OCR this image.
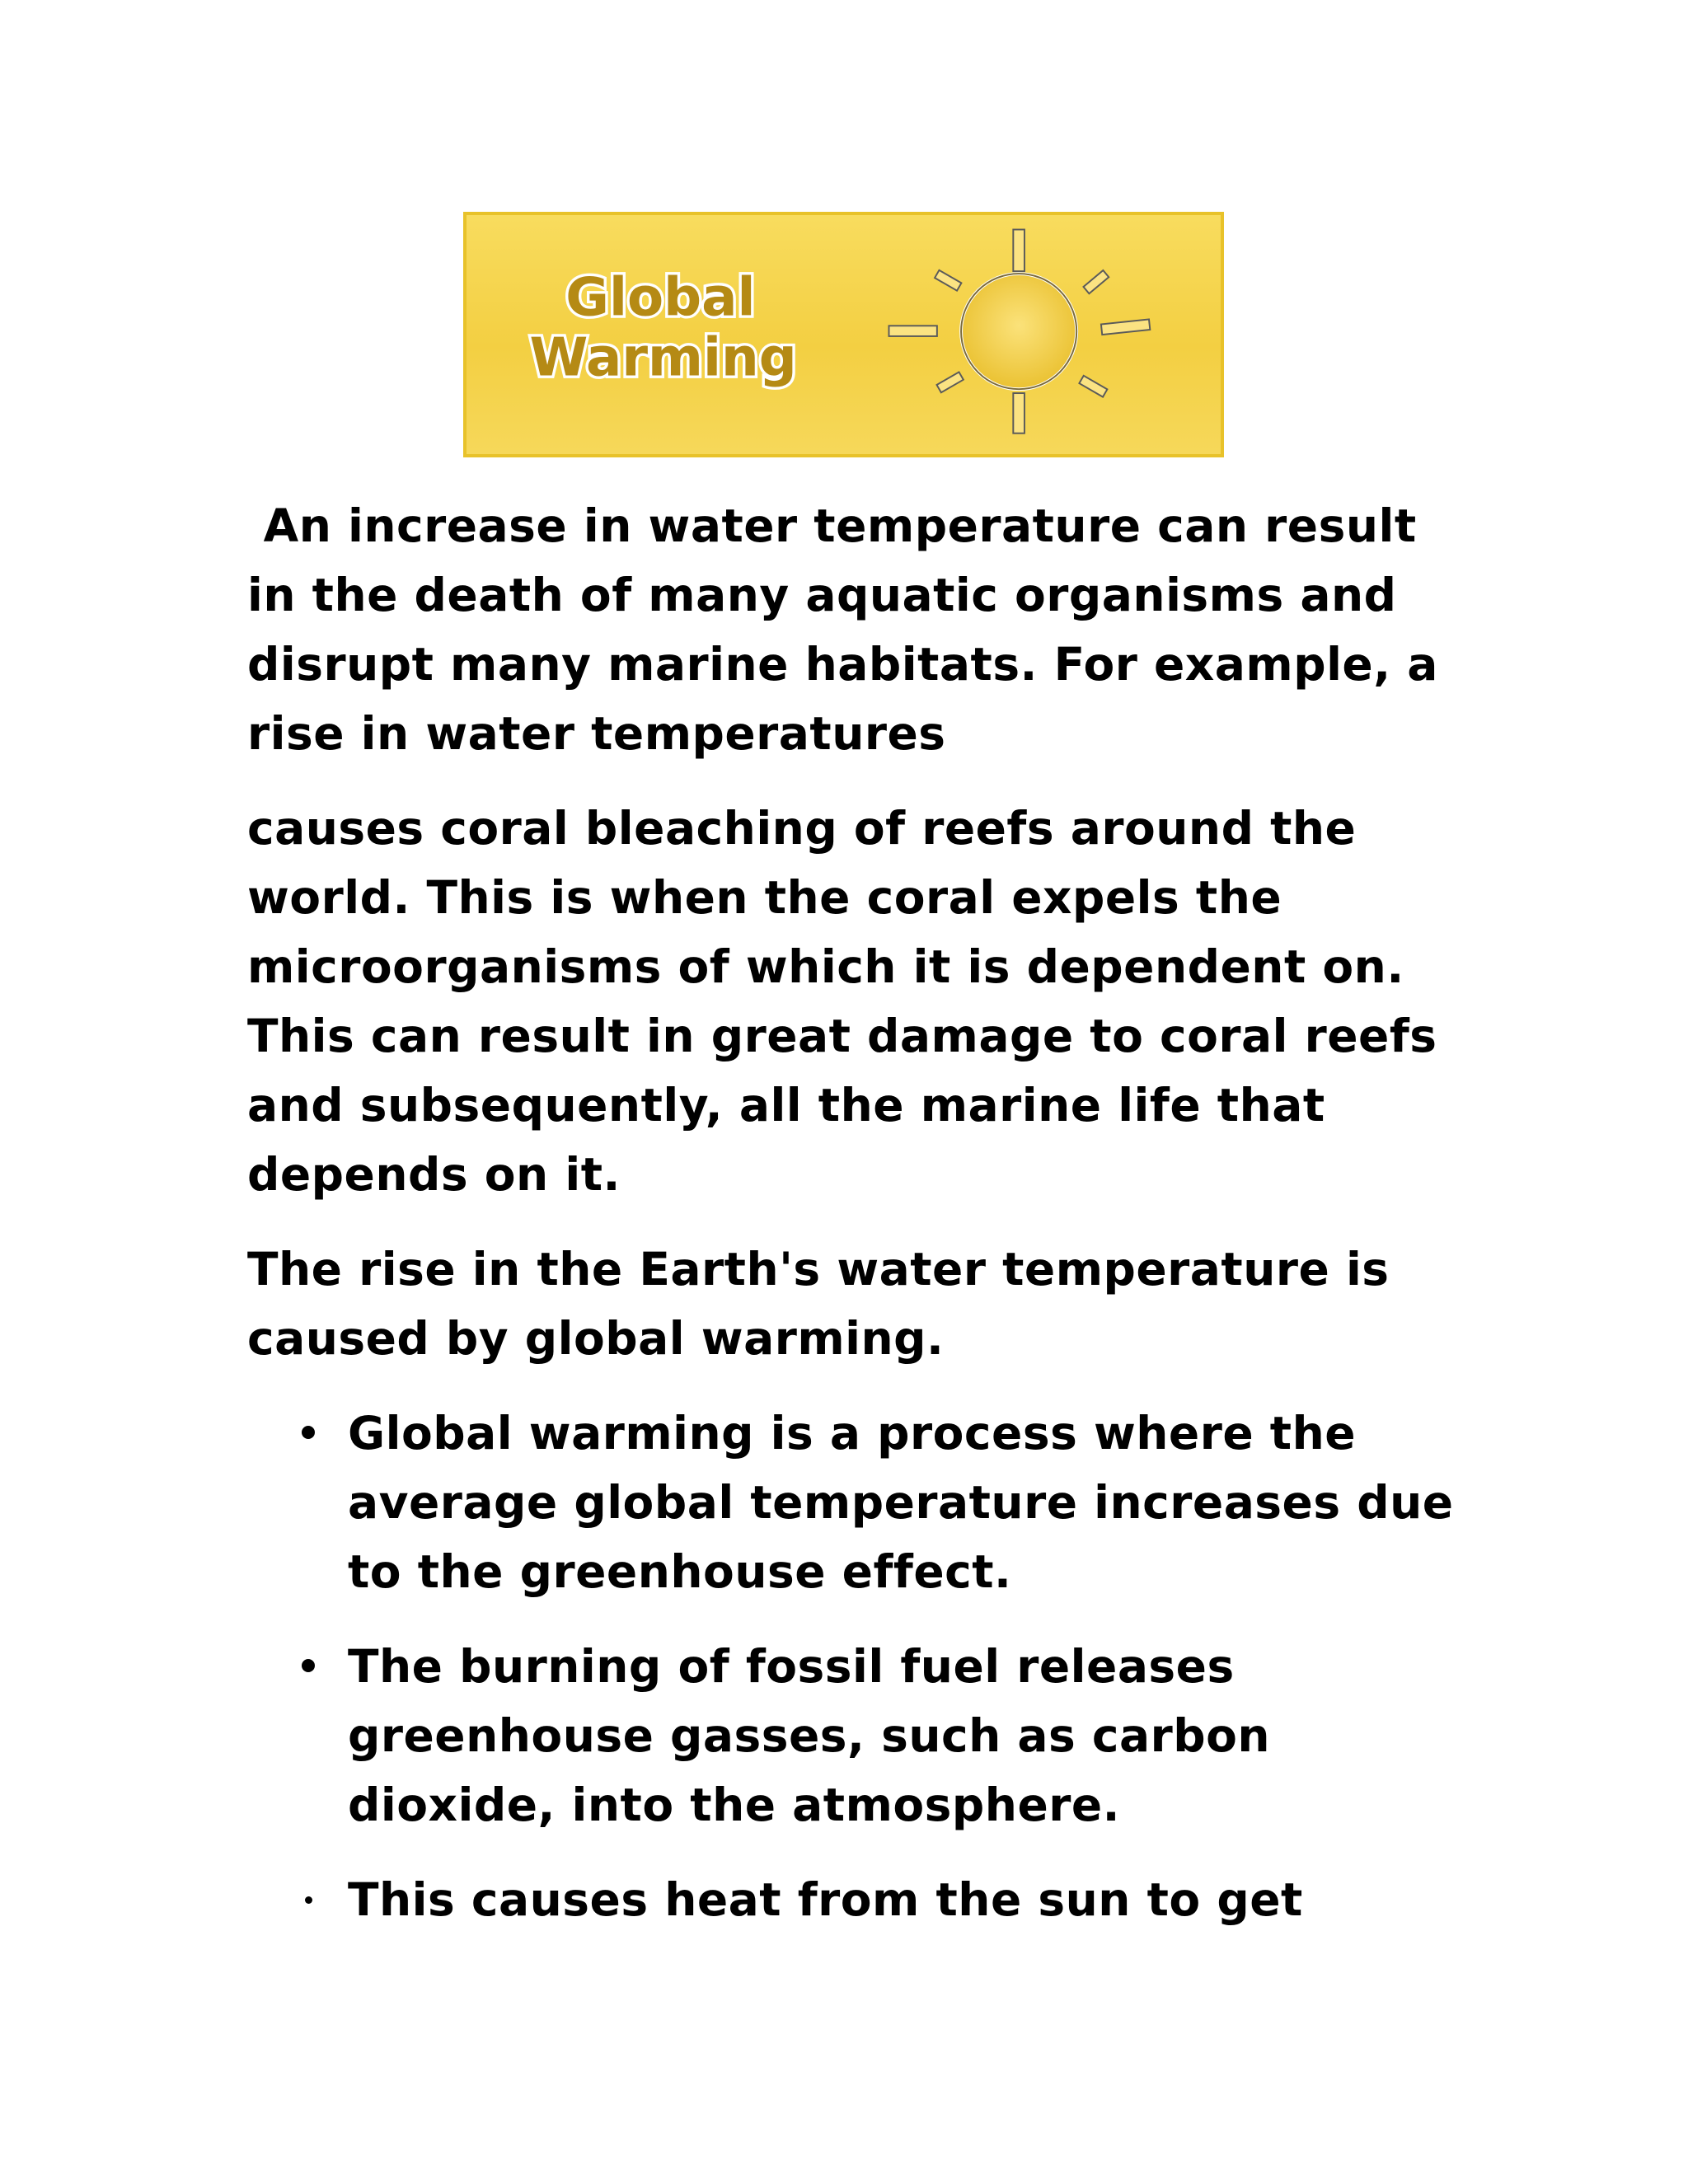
Global
Warming

An increase in water temperature can result in the death of many aquatic organisms and disrupt many marine habitats. For example, a rise in water temperatures

causes coral bleaching of reefs around the world. This is when the coral expels the microorganisms of which it is dependent on. This can result in great damage to coral reefs and subsequently, all the marine life that depends on it.

The rise in the Earth's water temperature is caused by global warming.

Global warming is a process where the average global temperature increases due to the greenhouse effect.
The burning of fossil fuel releases greenhouse gasses, such as carbon dioxide, into the atmosphere.
This causes heat from the sun to get
